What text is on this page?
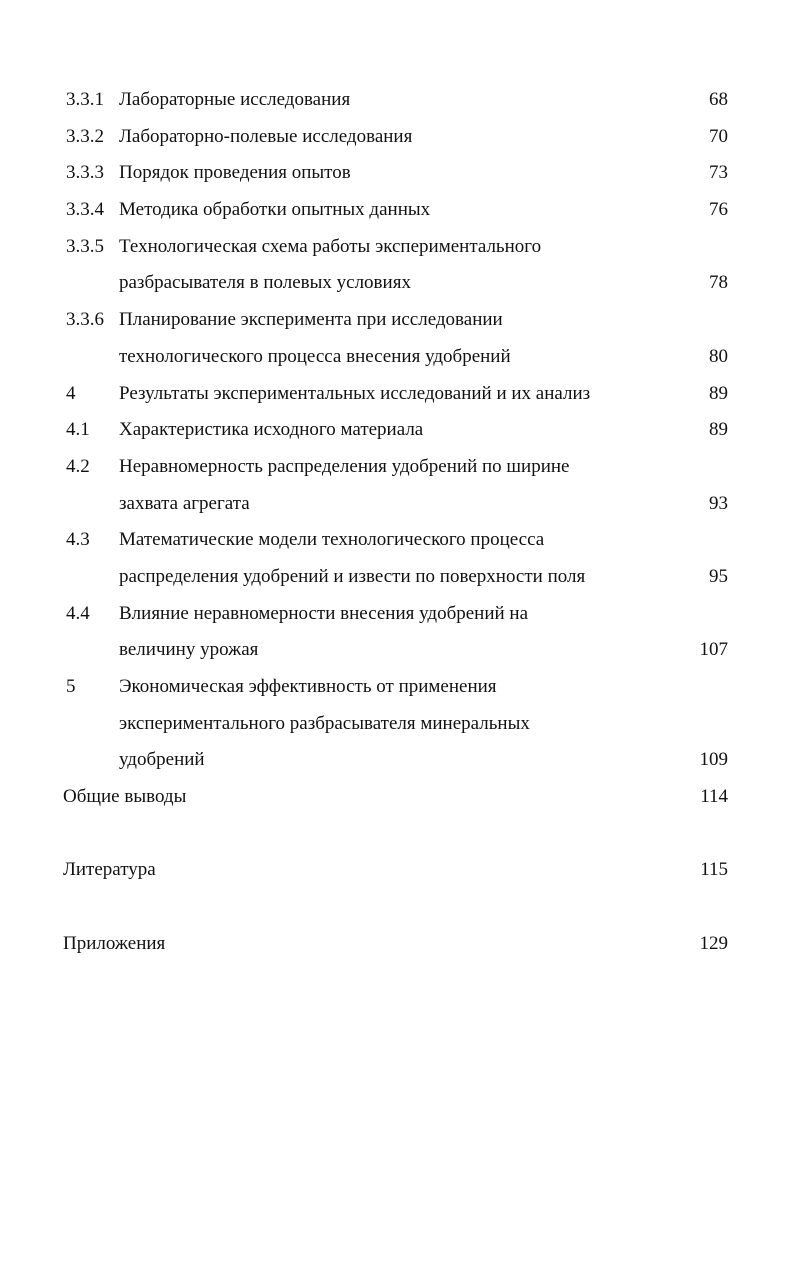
3.3.1 Лабораторные исследования	68
3.3.2 Лабораторно-полевые исследования	70
3.3.3 Порядок проведения опытов	73
3.3.4 Методика обработки опытных данных	76
3.3.5 Технологическая схема работы экспериментального
разбрасывателя в полевых условиях	78
3.3.6 Планирование эксперимента при исследовании
технологического процесса внесения удобрений	80
4 Результаты экспериментальных исследований и их анализ	89
4.1 Характеристика исходного материала	89
4.2 Неравномерность распределения удобрений по ширине
захвата агрегата	93
4.3 Математические модели технологического процесса
распределения удобрений и извести по поверхности поля	95
4.4 Влияние неравномерности внесения удобрений на
величину урожая	107
5 Экономическая эффективность от применения
экспериментального разбрасывателя минеральных
удобрений	109
Общие выводы	114
Литература	115
Приложения	129
